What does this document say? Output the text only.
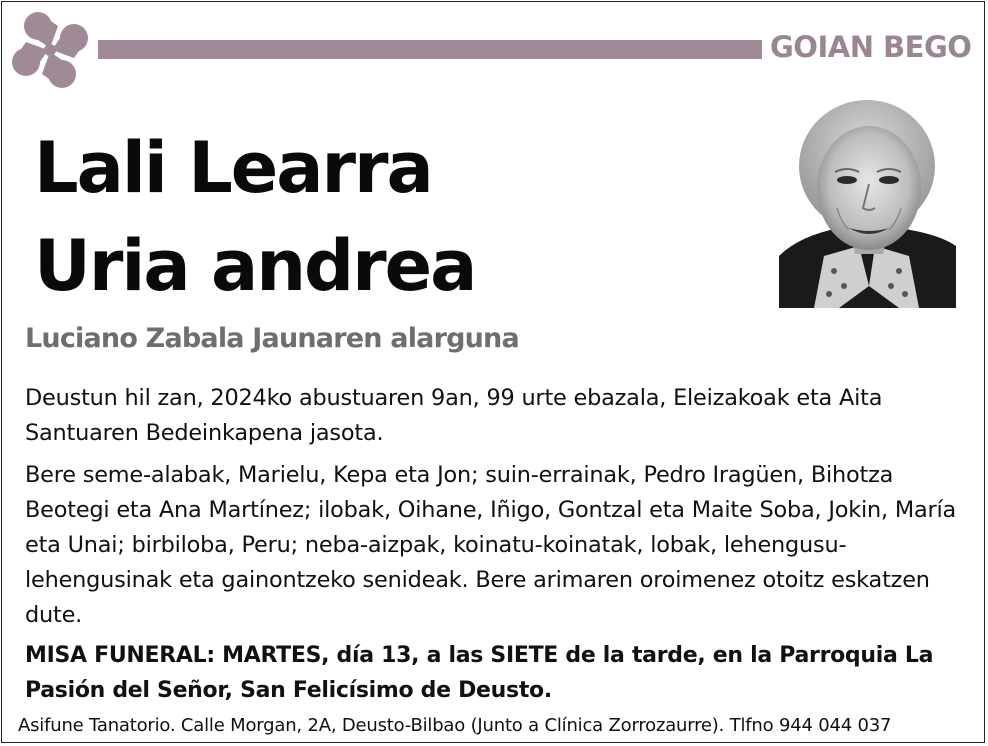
GOIAN BEGO
Lali Learra
Uria andrea
Luciano Zabala Jaunaren alarguna
Deustun hil zan, 2024ko abustuaren 9an, 99 urte ebazala, Eleizakoak eta Aita Santuaren Bedeinkapena jasota.
Bere seme-alabak, Marielu, Kepa eta Jon; suin-errainak, Pedro Iragüen, Bihotza Beotegi eta Ana Martínez; ilobak, Oihane, Iñigo, Gontzal eta Maite Soba, Jokin, María eta Unai; birbiloba, Peru; neba-aizpak, koinatu-koinatak, lobak, lehengusu-lehengusinak eta gainontzeko senideak. Bere arimaren oroimenez otoitz eskatzen dute.
MISA FUNERAL: MARTES, día 13, a las SIETE de la tarde, en la Parroquia La Pasión del Señor, San Felicísimo de Deusto.
Asifune Tanatorio. Calle Morgan, 2A, Deusto-Bilbao (Junto a Clínica Zorrozaurre). Tlfno 944 044 037
